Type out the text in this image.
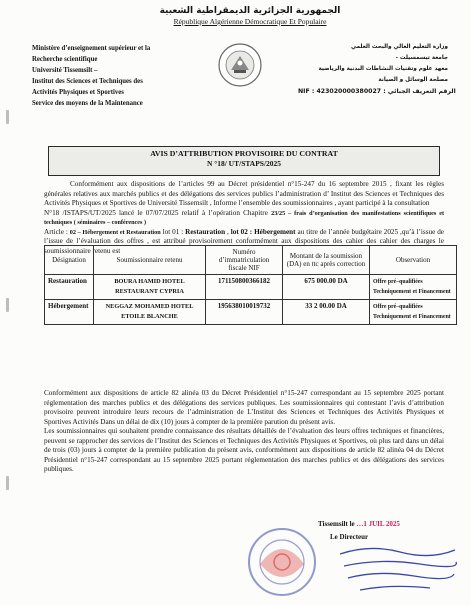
الجمهورية الجزائرية الديمقراطية الشعبية
République Algérienne Démocratique Et Populaire
Ministère d’enseignement supérieur et la
Recherche scientifique
Université Tissemsilt –
Institut des Sciences et Techniques des
Activités Physiques et Sportives
Service des moyens de la Maintenance
وزارة التعليم العالي والبحث العلمي
جامعة تيسمسيلت -
معهد علوم وتقنيات النشاطات البدنية والرياضية
مصلحة الوسائل و الصيانة
NIF : 423020000380027 : الرقم التعريف الجبائي
AVIS D’ATTRIBUTION PROVISOIRE DU CONTRAT
N °18/ UT/STAPS/2025
Conformément aux dispositions de l’articles 99 au Décret présidentiel n°15-247 du 16 septembre 2015 , fixant les règles générales relatives aux marchés publics et des délégations des services publics l’administration d’ Institut des Sciences et Techniques des Activités Physiques et Sportives de Université Tissemsilt , Informe l’ensemble des soumissionnaires , ayant participé à la consultation
N°18 /ISTAPS/UT/2025 lancé le 07/07/2025 relatif à l’opération Chapitre 23/25 – frais d’organisation des manifestations scientifiques et techniques ( séminaires – conférences )
Article : 02 – Hébergement et Restauration lot 01 : Restauration , lot 02 : Hébergement au titre de l’année budgétaire 2025 ,qu’à l’issue de l’issue de l’évaluation des offres , est attribué provisoirement conformément aux dispositions des cahier des cahier des charges le soumissionnaire retenu est
Désignation	Soumissionnaire retenu	Numéro d’immatriculation fiscale NIF	Montant de la soumission (DA) en ttc après correction	Observation
Restauration	BOURA HAMID HOTEL RESTAURANT CYPRIA	171150800366182	675 000.00 DA	Offre pré–qualifiées Techniquement et Financement
Hébergement	NEGGAZ MOHAMED HOTEL ETOILE BLANCHE	195638010019732	33 2 00.00 DA	Offre pré–qualifiées Techniquement et Financement
Conformément aux dispositions de article 82 alinéa 03 du Décret Présidentiel n°15-247 correspondant au 15 septembre 2025 portant réglementation des marches publics et des délégations des services publiques. Les soumissionnaires qui contestant l’avis d’attribution provisoire peuvent introduire leurs recours de l’administration de L’Institut des Sciences et Techniques des Activités Physiques et Sportives Activités Dans un délai de dix (10) jours à compter de la première parution du présent avis.
Les soumissionnaires qui souhaitent prendre connaissance des résultats détaillés de l’évaluation des leurs offres techniques et financières, peuvent se rapprocher des services de l’Institut des Sciences et Techniques des Activités Physiques et Sportives, où plus tard dans un délai de trois (03) jours à compter de la première publication du présent avis, conformément aux dispositions de article 82 alinéa 04 du Décret Présidentiel n°15-247 correspondant au 15 septembre 2025 portant réglementation des marches publics et des délégations des services publiques.
Tissemsilt le …1 JUIL 2025
Le Directeur
